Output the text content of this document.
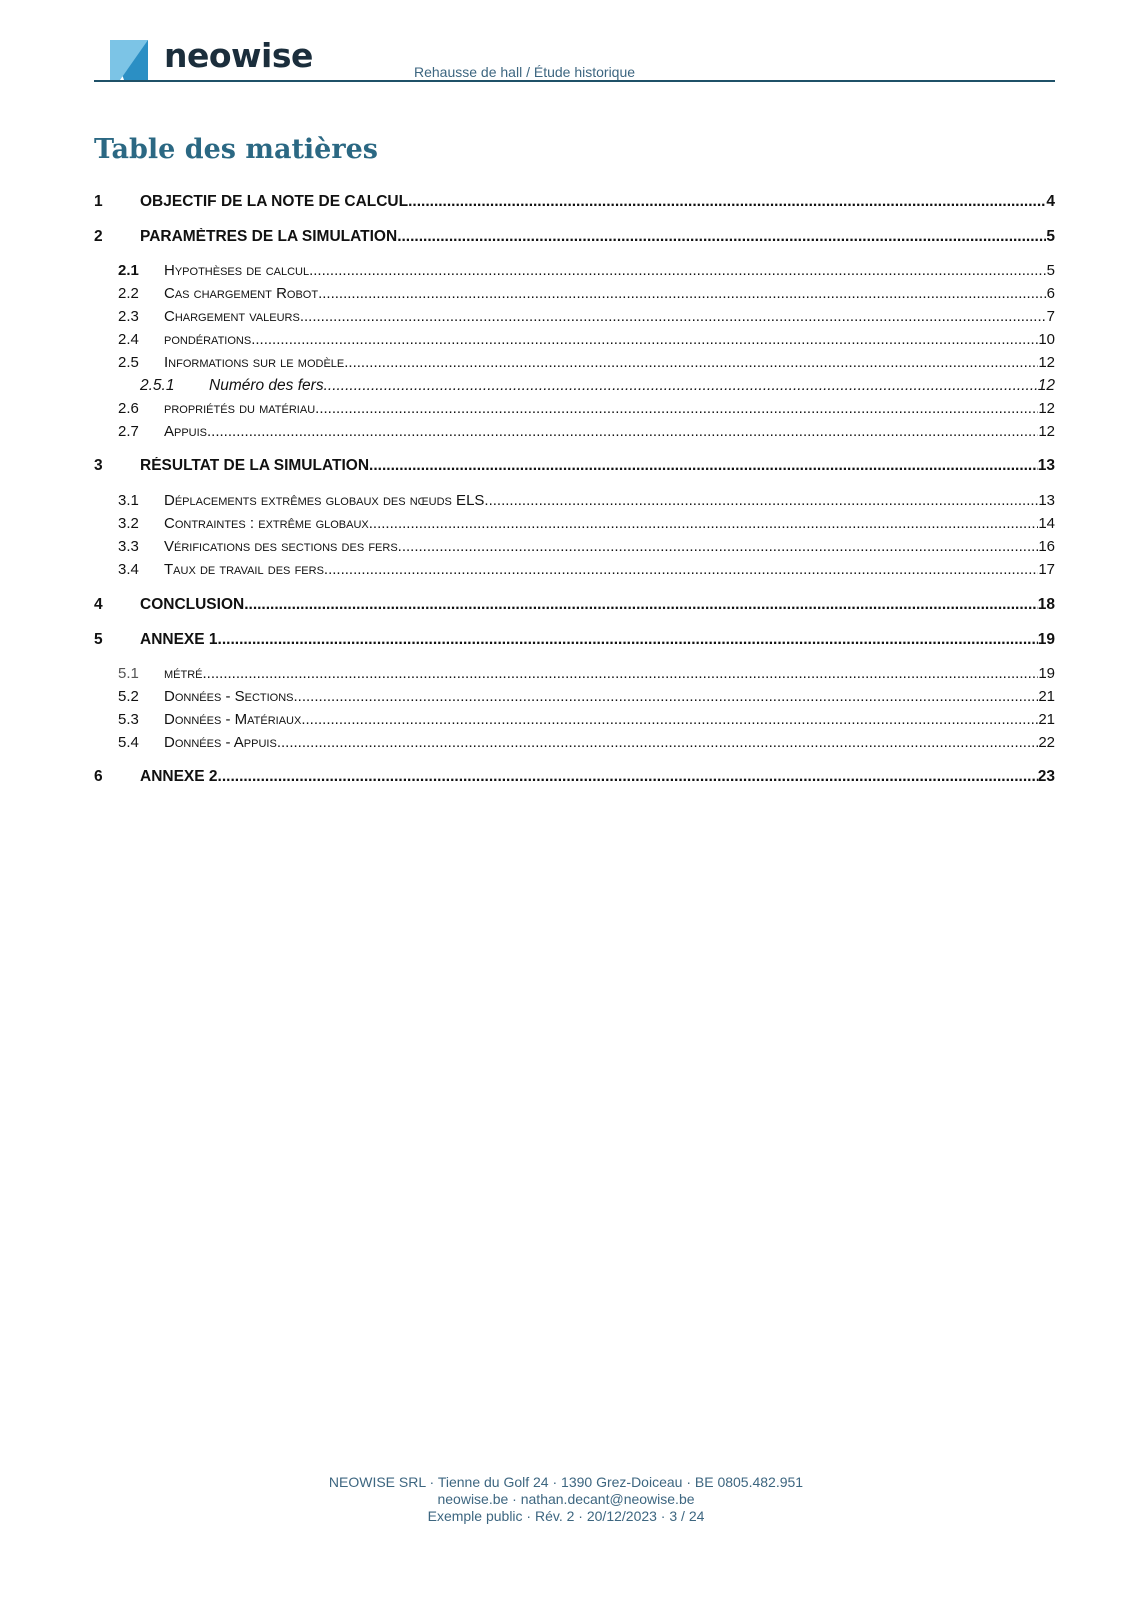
neowise	Rehausse de hall / Étude historique
Table des matières
1	OBJECTIF DE LA NOTE DE CALCUL .....	4
2	PARAMÈTRES DE LA SIMULATION .....	5
2.1	Hypothèses de calcul .....	5
2.2	Cas chargement Robot .....	6
2.3	Chargement valeurs .....	7
2.4	pondérations .....	10
2.5	Informations sur le modèle .....	12
2.5.1	Numéro des fers .....	12
2.6	propriétés du matériau .....	12
2.7	Appuis .....	12
3	RÉSULTAT DE LA SIMULATION .....	13
3.1	Déplacements extrêmes globaux des nœuds ELS .....	13
3.2	Contraintes : extrême globaux .....	14
3.3	Vérifications des sections des fers .....	16
3.4	Taux de travail des fers .....	17
4	CONCLUSION .....	18
5	ANNEXE 1 .....	19
5.1	métré .....	19
5.2	Données - Sections .....	21
5.3	Données - Matériaux .....	21
5.4	Données - Appuis .....	22
6	ANNEXE 2 .....	23
NEOWISE SRL · Tienne du Golf 24 · 1390 Grez-Doiceau · BE 0805.482.951
neowise.be · nathan.decant@neowise.be
Exemple public · Rév. 2 · 20/12/2023 · 3 / 24
